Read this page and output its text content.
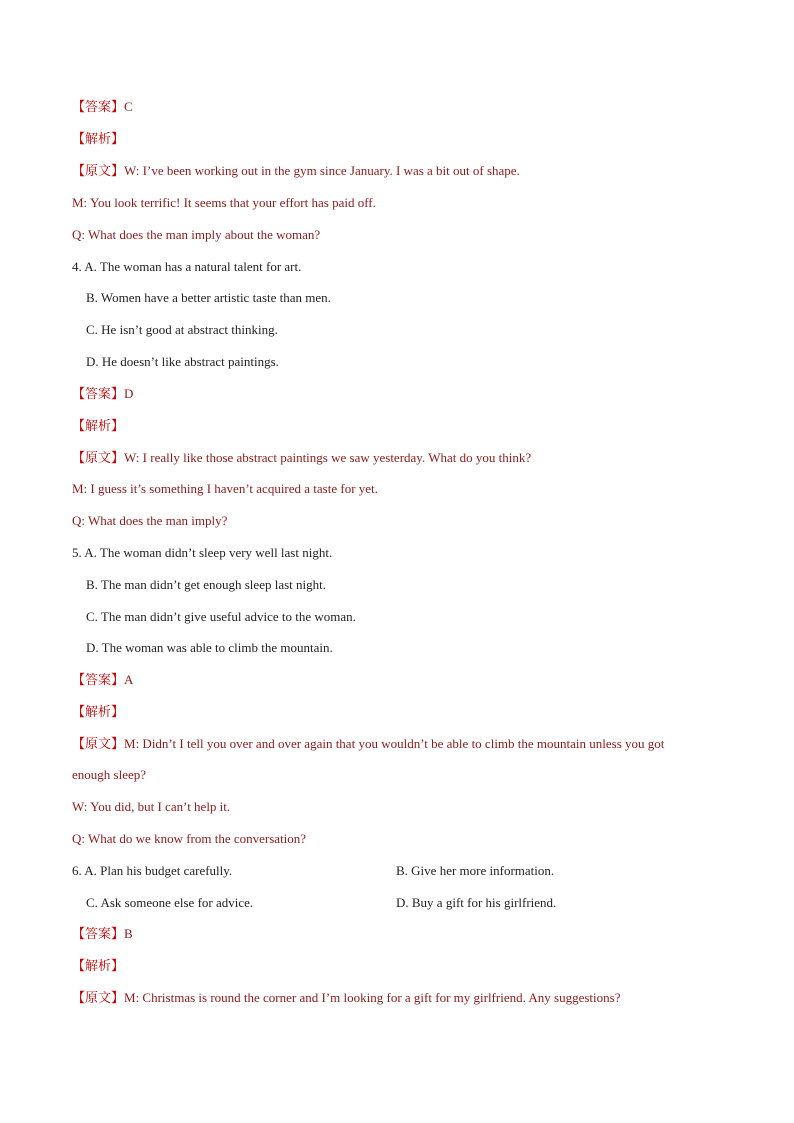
【答案】C
【解析】
【原文】W: I’ve been working out in the gym since January. I was a bit out of shape.
M: You look terrific! It seems that your effort has paid off.
Q: What does the man imply about the woman?
4. A. The woman has a natural talent for art.
B. Women have a better artistic taste than men.
C. He isn’t good at abstract thinking.
D. He doesn’t like abstract paintings.
【答案】D
【解析】
【原文】W: I really like those abstract paintings we saw yesterday. What do you think?
M: I guess it’s something I haven’t acquired a taste for yet.
Q: What does the man imply?
5. A. The woman didn’t sleep very well last night.
B. The man didn’t get enough sleep last night.
C. The man didn’t give useful advice to the woman.
D. The woman was able to climb the mountain.
【答案】A
【解析】
【原文】M: Didn’t I tell you over and over again that you wouldn’t be able to climb the mountain unless you got
enough sleep?
W: You did, but I can’t help it.
Q: What do we know from the conversation?
6. A. Plan his budget carefully.	B. Give her more information.
C. Ask someone else for advice.	D. Buy a gift for his girlfriend.
【答案】B
【解析】
【原文】M: Christmas is round the corner and I’m looking for a gift for my girlfriend. Any suggestions?
